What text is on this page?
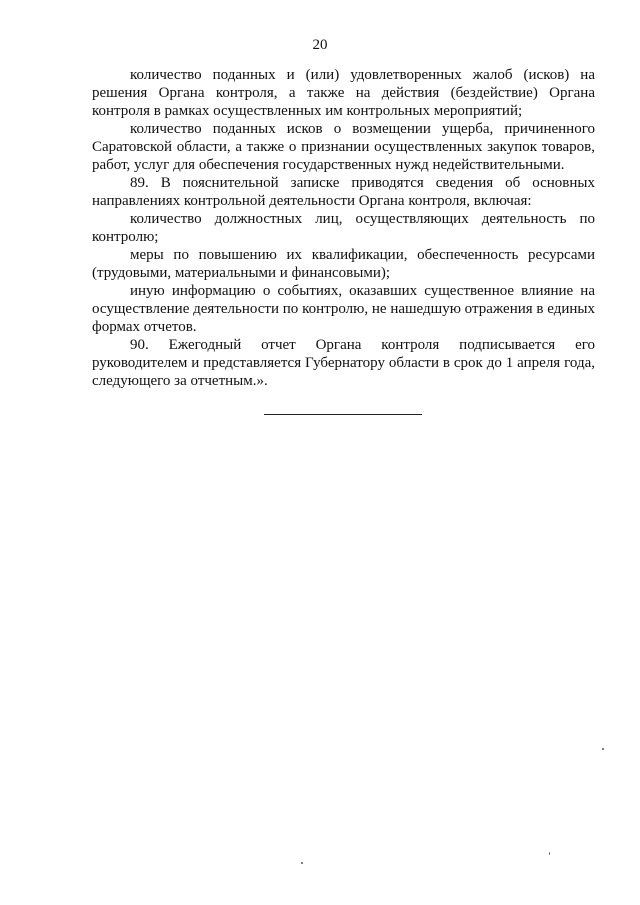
20

количество поданных и (или) удовлетворенных жалоб (исков) на решения Органа контроля, а также на действия (бездействие) Органа контроля в рамках осуществленных им контрольных мероприятий;

количество поданных исков о возмещении ущерба, причиненного Саратовской области, а также о признании осуществленных закупок товаров, работ, услуг для обеспечения государственных нужд недействительными.

89. В пояснительной записке приводятся сведения об основных направлениях контрольной деятельности Органа контроля, включая:

количество должностных лиц, осуществляющих деятельность по контролю;

меры по повышению их квалификации, обеспеченность ресурсами (трудовыми, материальными и финансовыми);

иную информацию о событиях, оказавших существенное влияние на осуществление деятельности по контролю, не нашедшую отражения в единых формах отчетов.

90. Ежегодный отчет Органа контроля подписывается его руководителем и представляется Губернатору области в срок до 1 апреля года, следующего за отчетным.».
